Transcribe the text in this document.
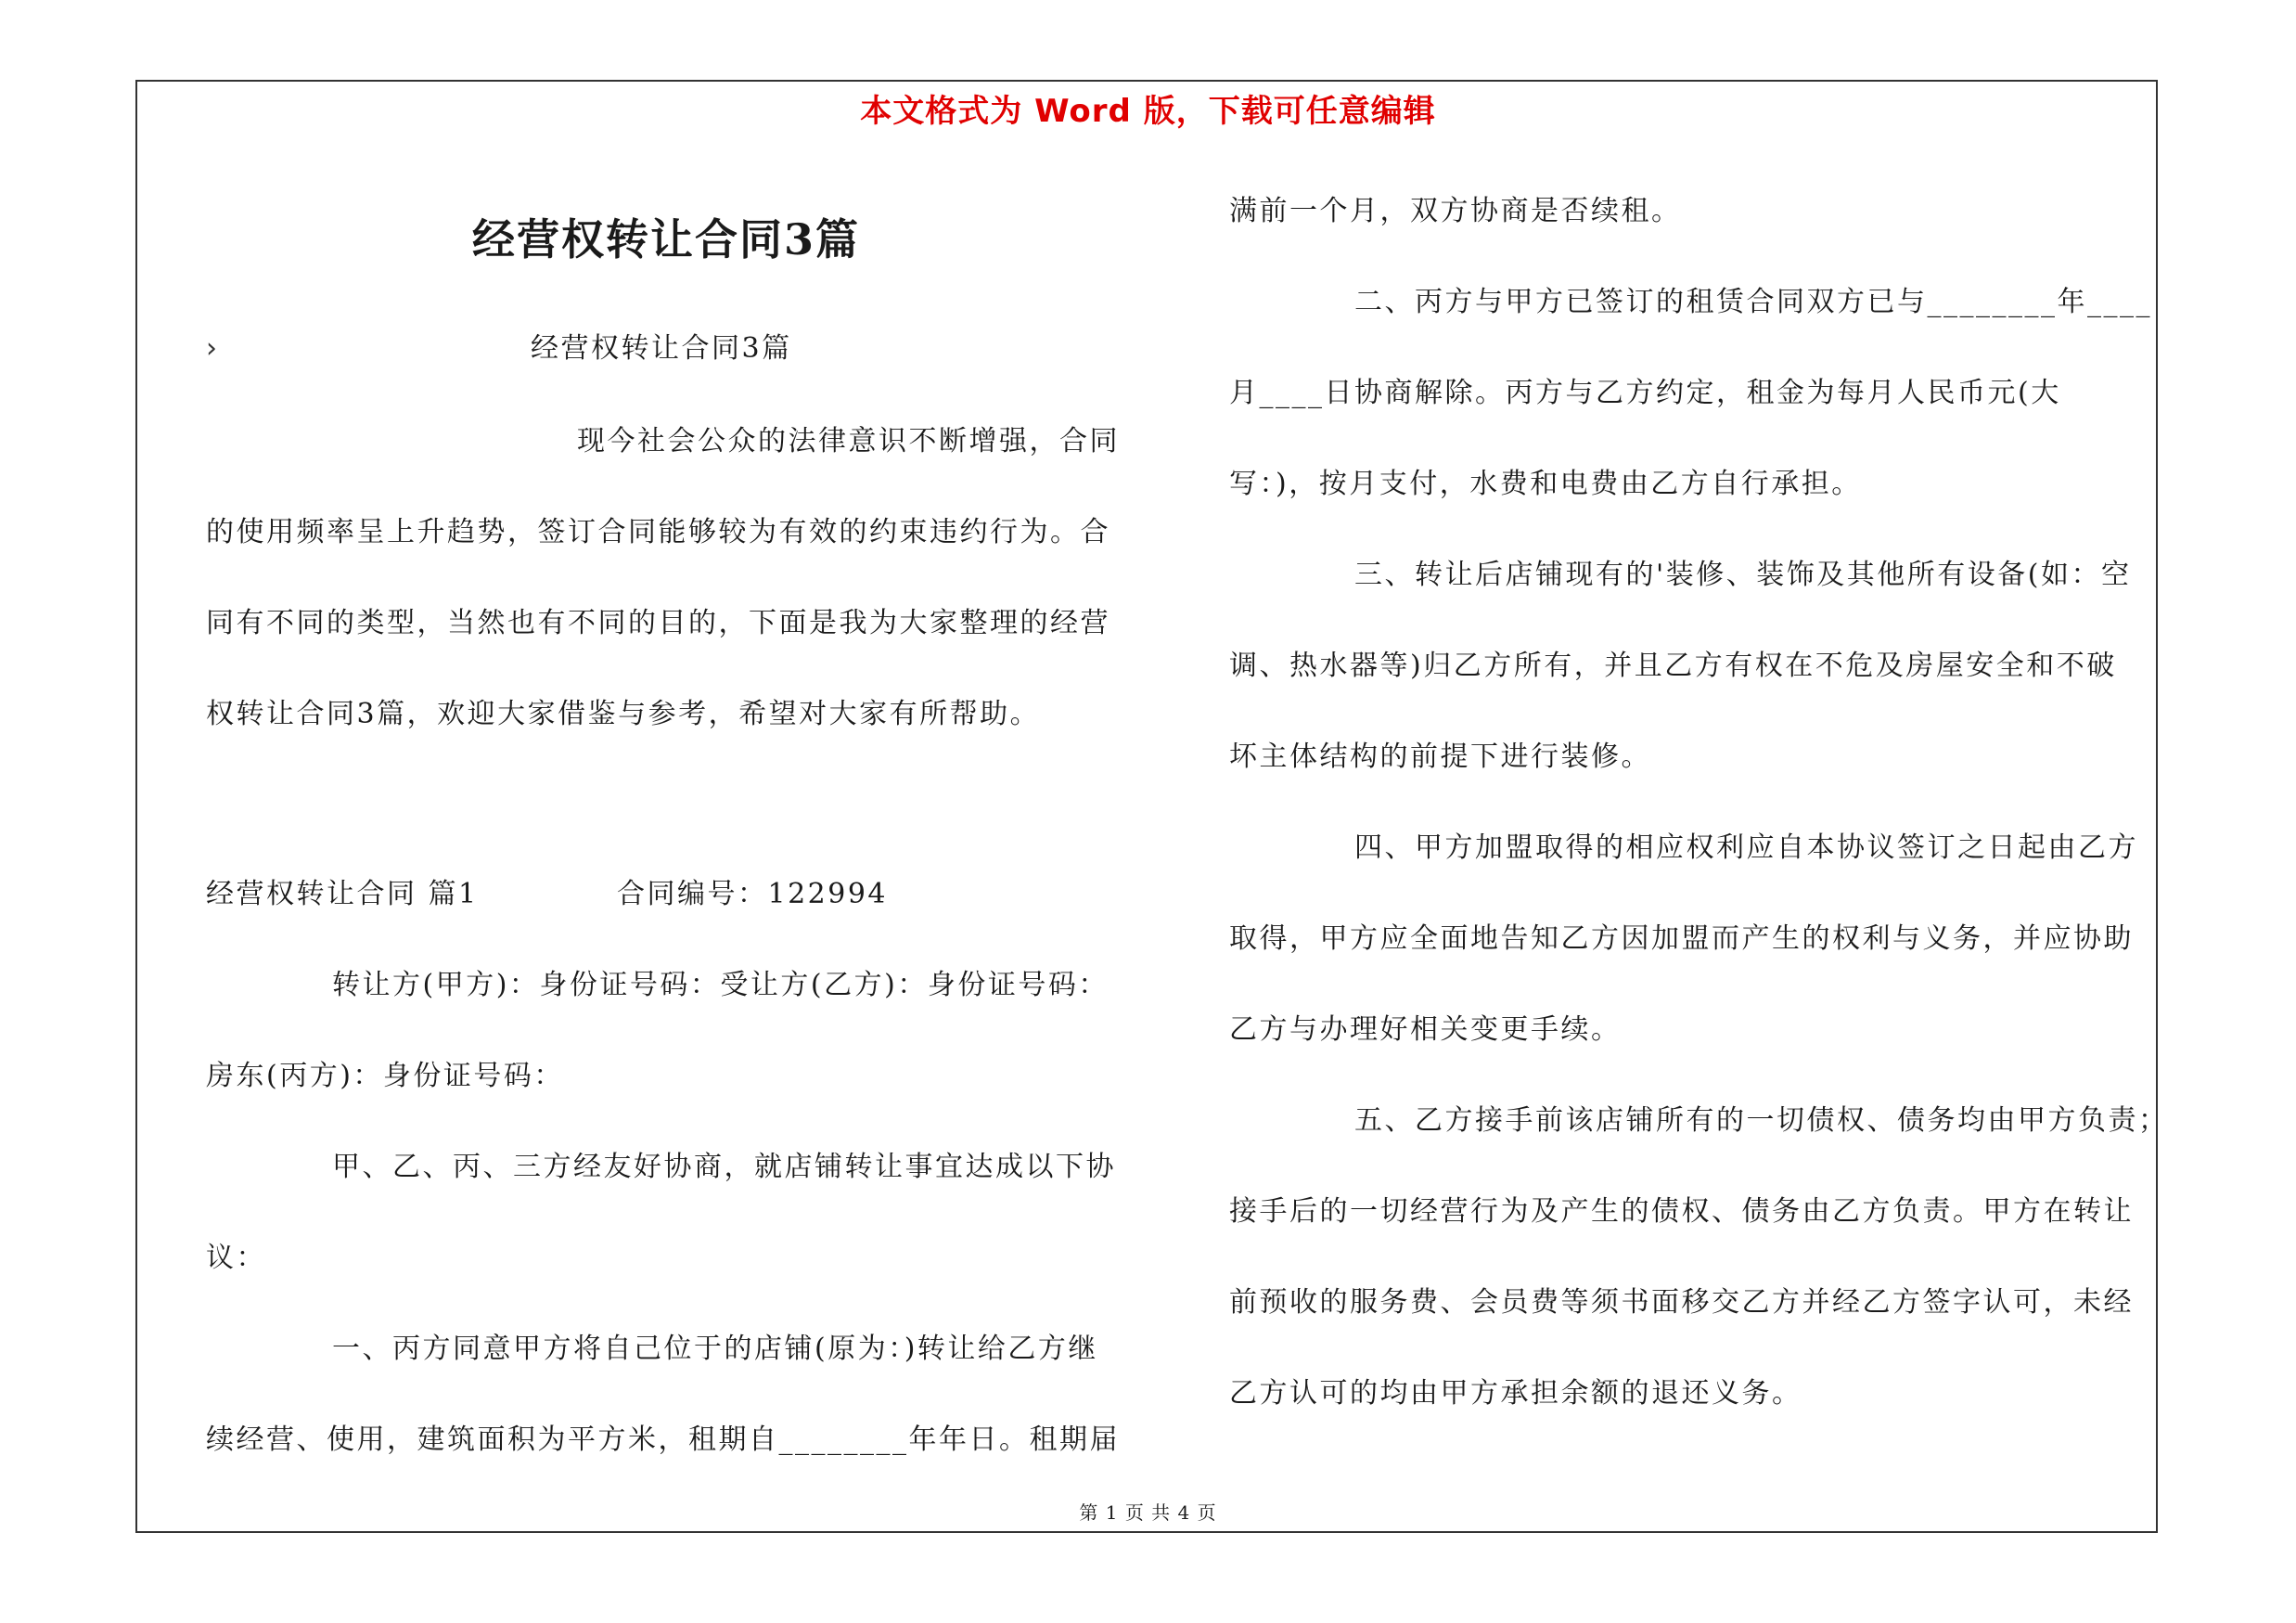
本文格式为 Word 版，下载可任意编辑
经营权转让合同3篇
›	经营权转让合同3篇
现今社会公众的法律意识不断增强，合同
的使用频率呈上升趋势，签订合同能够较为有效的约束违约行为。合
同有不同的类型，当然也有不同的目的，下面是我为大家整理的经营
权转让合同3篇，欢迎大家借鉴与参考，希望对大家有所帮助。
经营权转让合同 篇1	合同编号：122994
转让方(甲方)：身份证号码：受让方(乙方)：身份证号码：
房东(丙方)：身份证号码：
甲、乙、丙、三方经友好协商，就店铺转让事宜达成以下协
议：
一、丙方同意甲方将自己位于的店铺(原为：)转让给乙方继
续经营、使用，建筑面积为平方米，租期自________年年日。租期届
满前一个月，双方协商是否续租。
二、丙方与甲方已签订的租赁合同双方已与________年____
月____日协商解除。丙方与乙方约定，租金为每月人民币元(大
写：)，按月支付，水费和电费由乙方自行承担。
三、转让后店铺现有的'装修、装饰及其他所有设备(如：空
调、热水器等)归乙方所有，并且乙方有权在不危及房屋安全和不破
坏主体结构的前提下进行装修。
四、甲方加盟取得的相应权利应自本协议签订之日起由乙方
取得，甲方应全面地告知乙方因加盟而产生的权利与义务，并应协助
乙方与办理好相关变更手续。
五、乙方接手前该店铺所有的一切债权、债务均由甲方负责；
接手后的一切经营行为及产生的债权、债务由乙方负责。甲方在转让
前预收的服务费、会员费等须书面移交乙方并经乙方签字认可，未经
乙方认可的均由甲方承担余额的退还义务。
第 1 页 共 4 页
